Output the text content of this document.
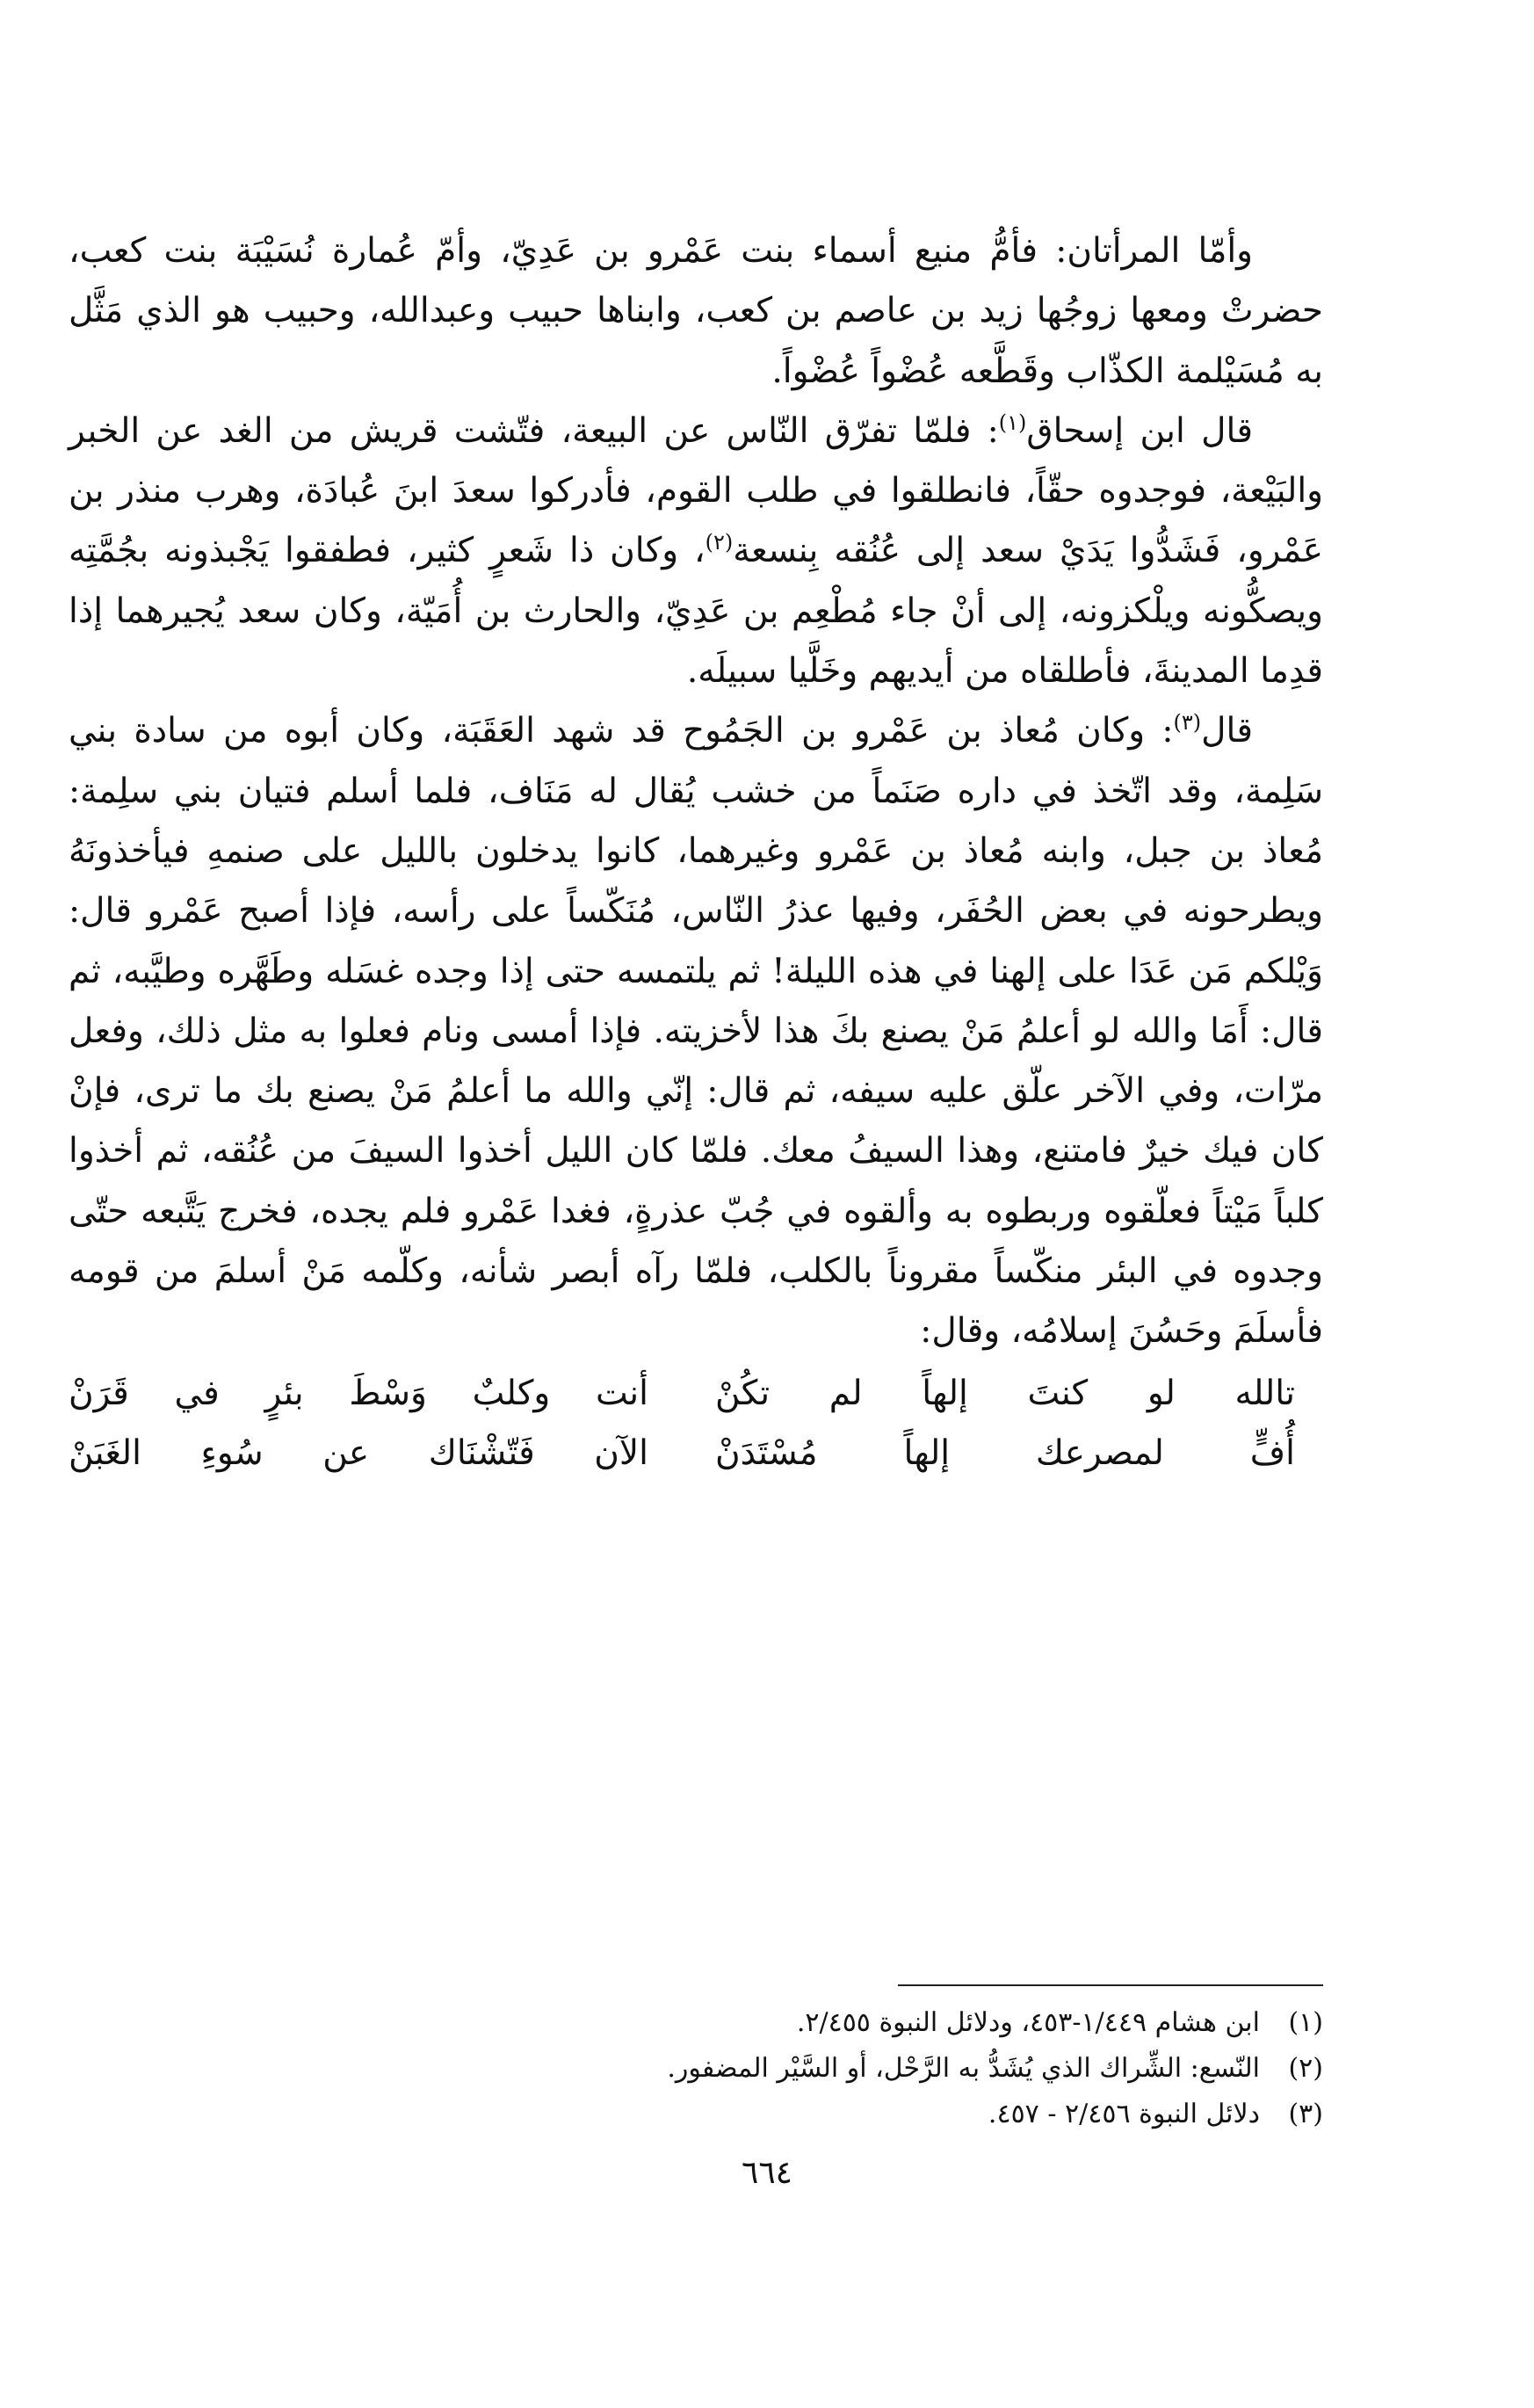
وأمّا المرأتان: فأمُّ منيع أسماء بنت عَمْرو بن عَدِيّ، وأمّ عُمارة نُسَيْبَة بنت كعب، حضرتْ ومعها زوجُها زيد بن عاصم بن كعب، وابناها حبيب وعبدالله، وحبيب هو الذي مَثَّل به مُسَيْلمة الكذّاب وقَطَّعه عُضْواً عُضْواً.

قال ابن إسحاق$^{(١)}$: فلمّا تفرّق النّاس عن البيعة، فتّشت قريش من الغد عن الخبر والبَيْعة، فوجدوه حقّاً، فانطلقوا في طلب القوم، فأدركوا سعدَ ابنَ عُبادَة، وهرب منذر بن عَمْرو، فَشَدُّوا يَدَيْ سعد إلى عُنُقه بِنسعة$^{(٢)}$، وكان ذا شَعرٍ كثير، فطفقوا يَجْبذونه بجُمَّتِه ويصكُّونه ويلْكزونه، إلى أنْ جاء مُطْعِم بن عَدِيّ، والحارث بن أُمَيّة، وكان سعد يُجيرهما إذا قدِما المدينةَ، فأطلقاه من أيديهم وخَلَّيا سبيلَه.

قال$^{(٣)}$: وكان مُعاذ بن عَمْرو بن الجَمُوح قد شهد العَقَبَة، وكان أبوه من سادة بني سَلِمة، وقد اتّخذ في داره صَنَماً من خشب يُقال له مَنَاف، فلما أسلم فتيان بني سلِمة: مُعاذ بن جبل، وابنه مُعاذ بن عَمْرو وغيرهما، كانوا يدخلون بالليل على صنمهِ فيأخذونَهُ ويطرحونه في بعض الحُفَر، وفيها عذرُ النّاس، مُنَكّساً على رأسه، فإذا أصبح عَمْرو قال: وَيْلكم مَن عَدَا على إلهنا في هذه الليلة! ثم يلتمسه حتى إذا وجده غسَله وطَهَّره وطيَّبه، ثم قال: أَمَا والله لو أعلمُ مَنْ يصنع بكَ هذا لأخزيته. فإذا أمسى ونام فعلوا به مثل ذلك، وفعل مرّات، وفي الآخر علّق عليه سيفه، ثم قال: إنّي والله ما أعلمُ مَنْ يصنع بك ما ترى، فإنْ كان فيك خيرٌ فامتنع، وهذا السيفُ معك. فلمّا كان الليل أخذوا السيفَ من عُنُقه، ثم أخذوا كلباً مَيْتاً فعلّقوه وربطوه به وألقوه في جُبّ عذرةٍ، فغدا عَمْرو فلم يجده، فخرج يَتَّبعه حتّى وجدوه في البئر منكّساً مقروناً بالكلب، فلمّا رآه أبصر شأنه، وكلّمه مَنْ أسلمَ من قومه فأسلَمَ وحَسُنَ إسلامُه، وقال:

تالله لو كنتَ إلهاً لم تكُنْ
أنت وكلبٌ وَسْطَ بئرٍ في قَرَنْ
أُفٍّ لمصرعك إلهاً مُسْتَدَنْ
الآن فَتّشْنَاك عن سُوءِ الغَبَنْ
(١)
ابن هشام ١/٤٤٩-٤٥٣، ودلائل النبوة ٢/٤٥٥.
(٢)
النّسع: الشِّراك الذي يُشَدُّ به الرَّحْل، أو السَّيْر المضفور.
(٣)
دلائل النبوة ٢/٤٥٦ - ٤٥٧.
٦٦٤
